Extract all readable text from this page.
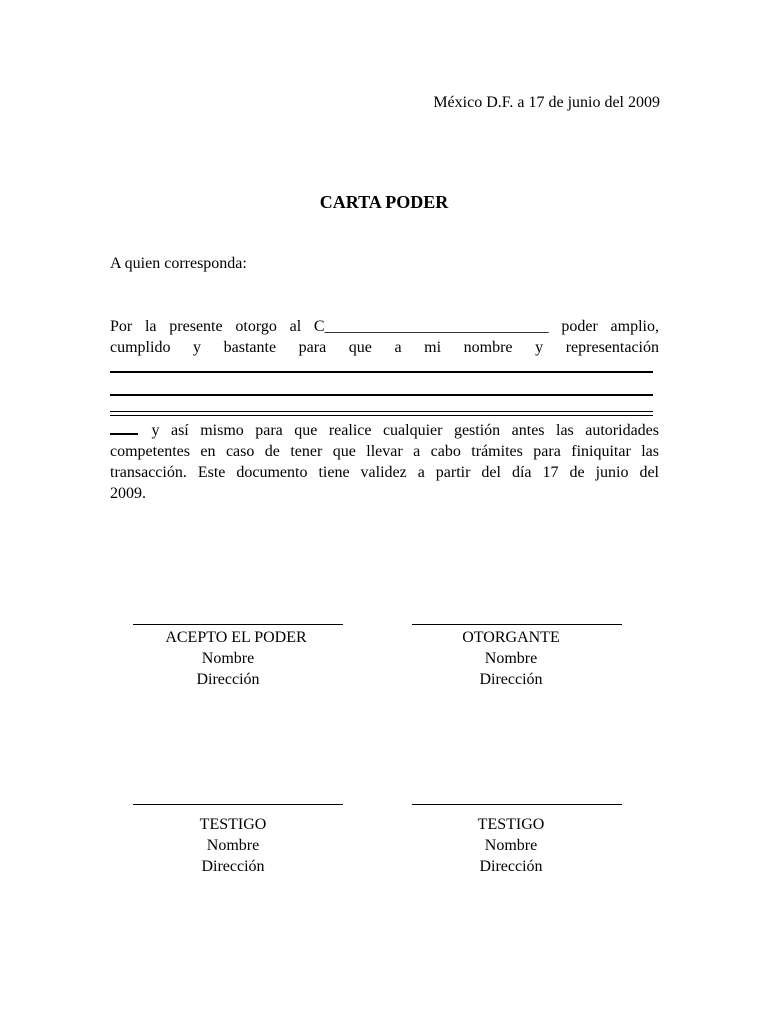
México D.F. a 17 de junio del 2009
CARTA PODER
A quien corresponda:
Por la presente otorgo al C____________________________ poder amplio,
cumplido y bastante para que a mi nombre y representación
y así mismo para que realice cualquier gestión antes las autoridades
competentes en caso de tener que llevar a cabo trámites para finiquitar las
transacción. Este documento tiene validez a partir del día 17 de junio del
2009.
ACEPTO EL PODER
Nombre
Dirección
OTORGANTE
Nombre
Dirección
TESTIGO
Nombre
Dirección
TESTIGO
Nombre
Dirección
